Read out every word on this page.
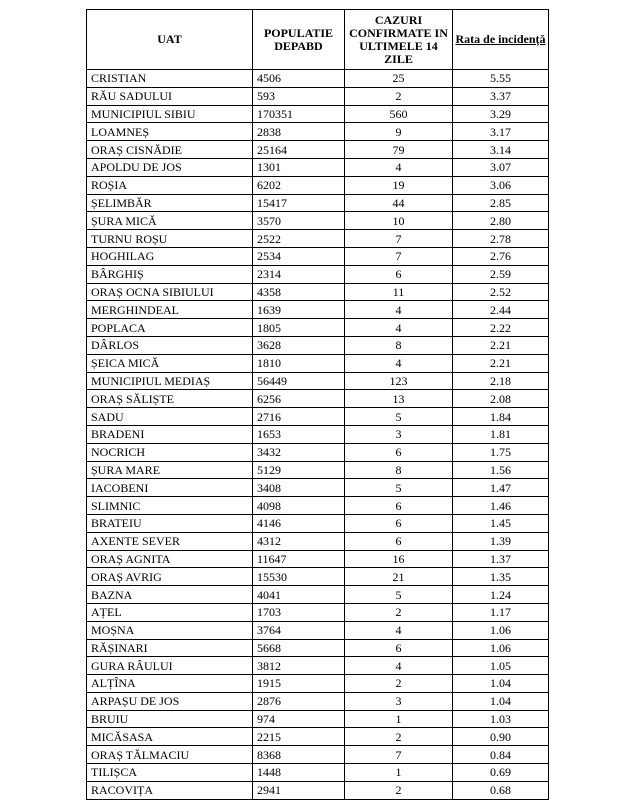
UAT	POPULATIE DEPABD	CAZURI CONFIRMATE IN ULTIMELE 14 ZILE	Rata de incidență
CRISTIAN	4506	25	5.55
RĂU SADULUI	593	2	3.37
MUNICIPIUL SIBIU	170351	560	3.29
LOAMNEȘ	2838	9	3.17
ORAȘ CISNĂDIE	25164	79	3.14
APOLDU DE JOS	1301	4	3.07
ROȘIA	6202	19	3.06
ȘELIMBĂR	15417	44	2.85
ȘURA MICĂ	3570	10	2.80
TURNU ROȘU	2522	7	2.78
HOGHILAG	2534	7	2.76
BÂRGHIȘ	2314	6	2.59
ORAȘ OCNA SIBIULUI	4358	11	2.52
MERGHINDEAL	1639	4	2.44
POPLACA	1805	4	2.22
DÂRLOS	3628	8	2.21
ȘEICA MICĂ	1810	4	2.21
MUNICIPIUL MEDIAȘ	56449	123	2.18
ORAȘ SĂLIȘTE	6256	13	2.08
SADU	2716	5	1.84
BRADENI	1653	3	1.81
NOCRICH	3432	6	1.75
ȘURA MARE	5129	8	1.56
IACOBENI	3408	5	1.47
SLIMNIC	4098	6	1.46
BRATEIU	4146	6	1.45
AXENTE SEVER	4312	6	1.39
ORAȘ AGNITA	11647	16	1.37
ORAȘ AVRIG	15530	21	1.35
BAZNA	4041	5	1.24
AȚEL	1703	2	1.17
MOȘNA	3764	4	1.06
RĂȘINARI	5668	6	1.06
GURA RÂULUI	3812	4	1.05
ALȚÎNA	1915	2	1.04
ARPAȘU DE JOS	2876	3	1.04
BRUIU	974	1	1.03
MICĂSASA	2215	2	0.90
ORAȘ TĂLMACIU	8368	7	0.84
TILIȘCA	1448	1	0.69
RACOVIȚA	2941	2	0.68
